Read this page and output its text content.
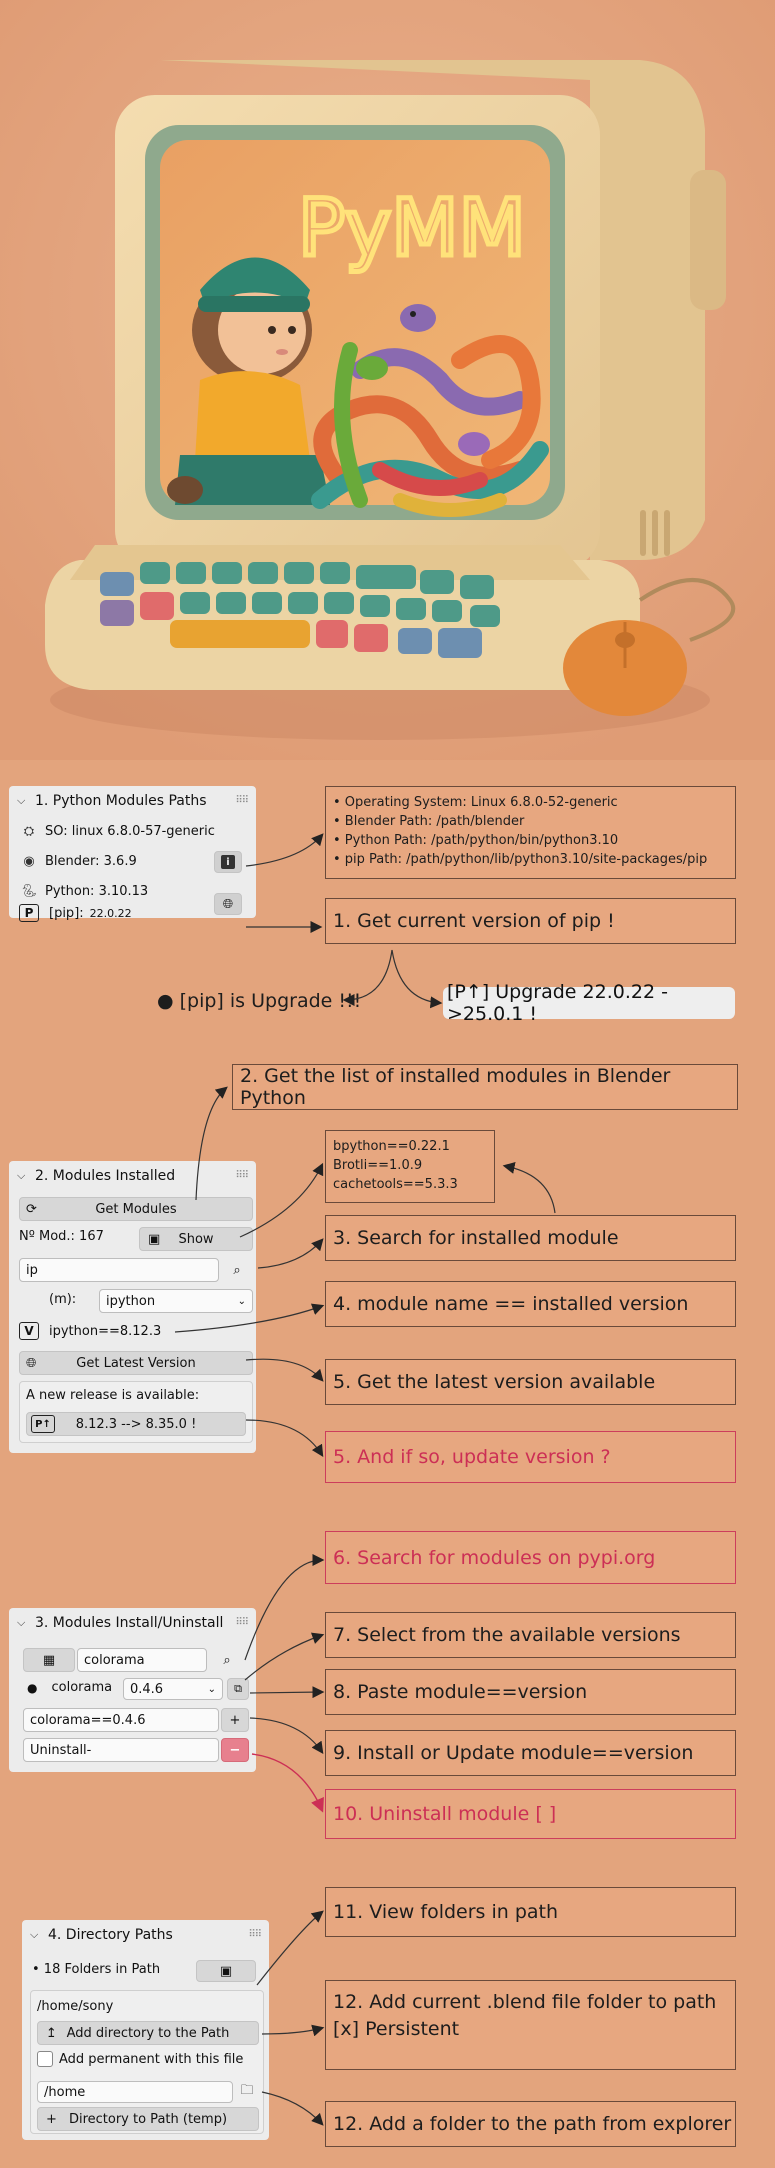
PyMM
⌵ 1. Python Modules Paths	⠿⠿
⛭ SO: linux 6.8.0-57-generic
◉ Blender: 3.6.9	i
🐍︎ Python: 3.10.13
P	[pip]: 22.0.22
🌐︎
• Operating System: Linux 6.8.0-52-generic
• Blender Path: /path/blender
• Python Path: /path/python/bin/python3.10
• pip Path: /path/python/lib/python3.10/site-packages/pip
1. Get current version of pip !
● [pip] is Upgrade !!!	[P↑] Upgrade 22.0.22 ->25.0.1 !
2. Get the list of installed modules in Blender Python
bpython==0.22.1
Brotli==1.0.9
cachetools==5.3.3
⌵ 2. Modules Installed	⠿⠿
⟳	Get Modules
Nº Mod.: 167	▣ Show
ip	⌕
(m): ipython	⌄
V	ipython==8.12.3
🌐︎	Get Latest Version
A new release is available:
P↑	8.12.3 --> 8.35.0 !
3. Search for installed module
4. module name == installed version
5. Get the latest version available
5. And if so, update version ?
6. Search for modules on pypi.org
7. Select from the available versions
8. Paste module==version
9. Install or Update module==version
10. Uninstall module [ ]
⌵ 3. Modules Install/Uninstall ⠿⠿
▦ colorama	⌕
● colorama 0.4.6	⌄ ⧉
colorama==0.4.6	+
Uninstall-	−
11. View folders in path
12. Add current .blend file folder to path
[x] Persistent
12. Add a folder to the path from explorer
⌵ 4. Directory Paths	⠿⠿
• 18 Folders in Path	▣
/home/sony
↥ Add directory to the Path
Add permanent with this file
/home	🗀︎
+ Directory to Path (temp)
